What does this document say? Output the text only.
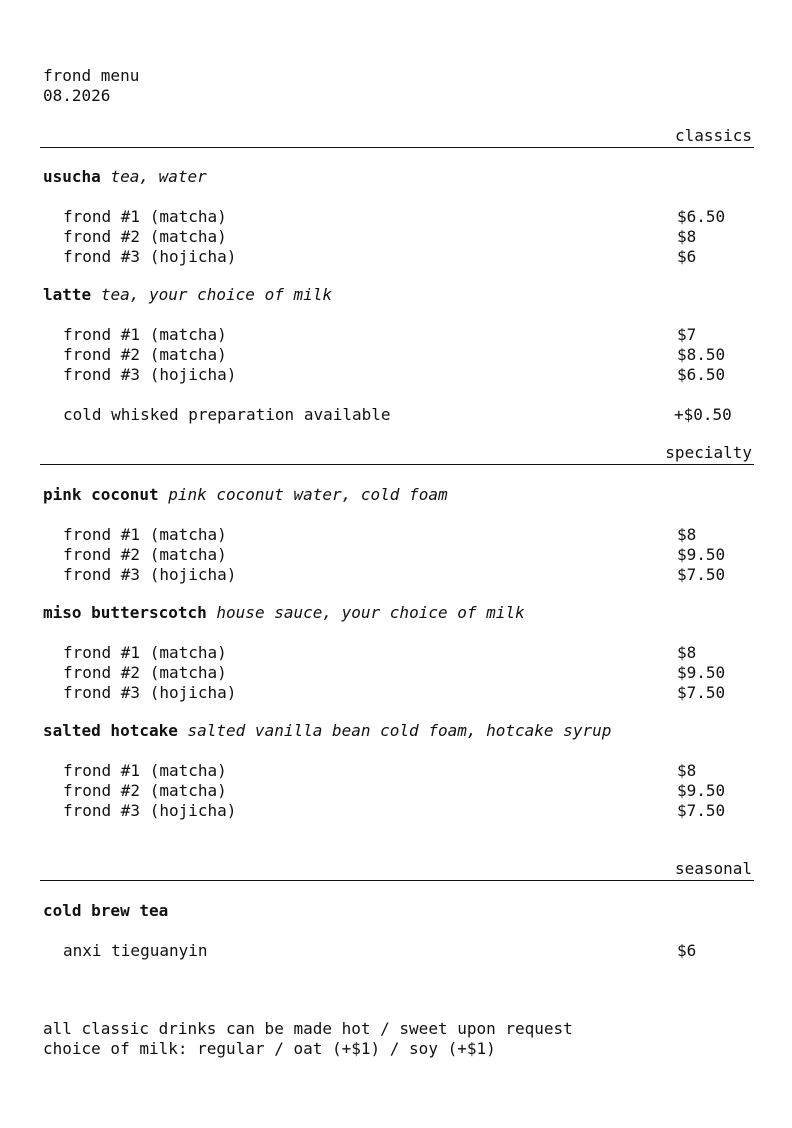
frond menu
08.2026
classics
usucha tea, water
frond #1 (matcha)	$6.50
frond #2 (matcha)	$8
frond #3 (hojicha)	$6
latte tea, your choice of milk
frond #1 (matcha)	$7
frond #2 (matcha)	$8.50
frond #3 (hojicha)	$6.50
cold whisked preparation available	+$0.50
specialty
pink coconut pink coconut water, cold foam
frond #1 (matcha)	$8
frond #2 (matcha)	$9.50
frond #3 (hojicha)	$7.50
miso butterscotch house sauce, your choice of milk
frond #1 (matcha)	$8
frond #2 (matcha)	$9.50
frond #3 (hojicha)	$7.50
salted hotcake salted vanilla bean cold foam, hotcake syrup
frond #1 (matcha)	$8
frond #2 (matcha)	$9.50
frond #3 (hojicha)	$7.50
seasonal
cold brew tea
anxi tieguanyin	$6
all classic drinks can be made hot / sweet upon request
choice of milk: regular / oat (+$1) / soy (+$1)
